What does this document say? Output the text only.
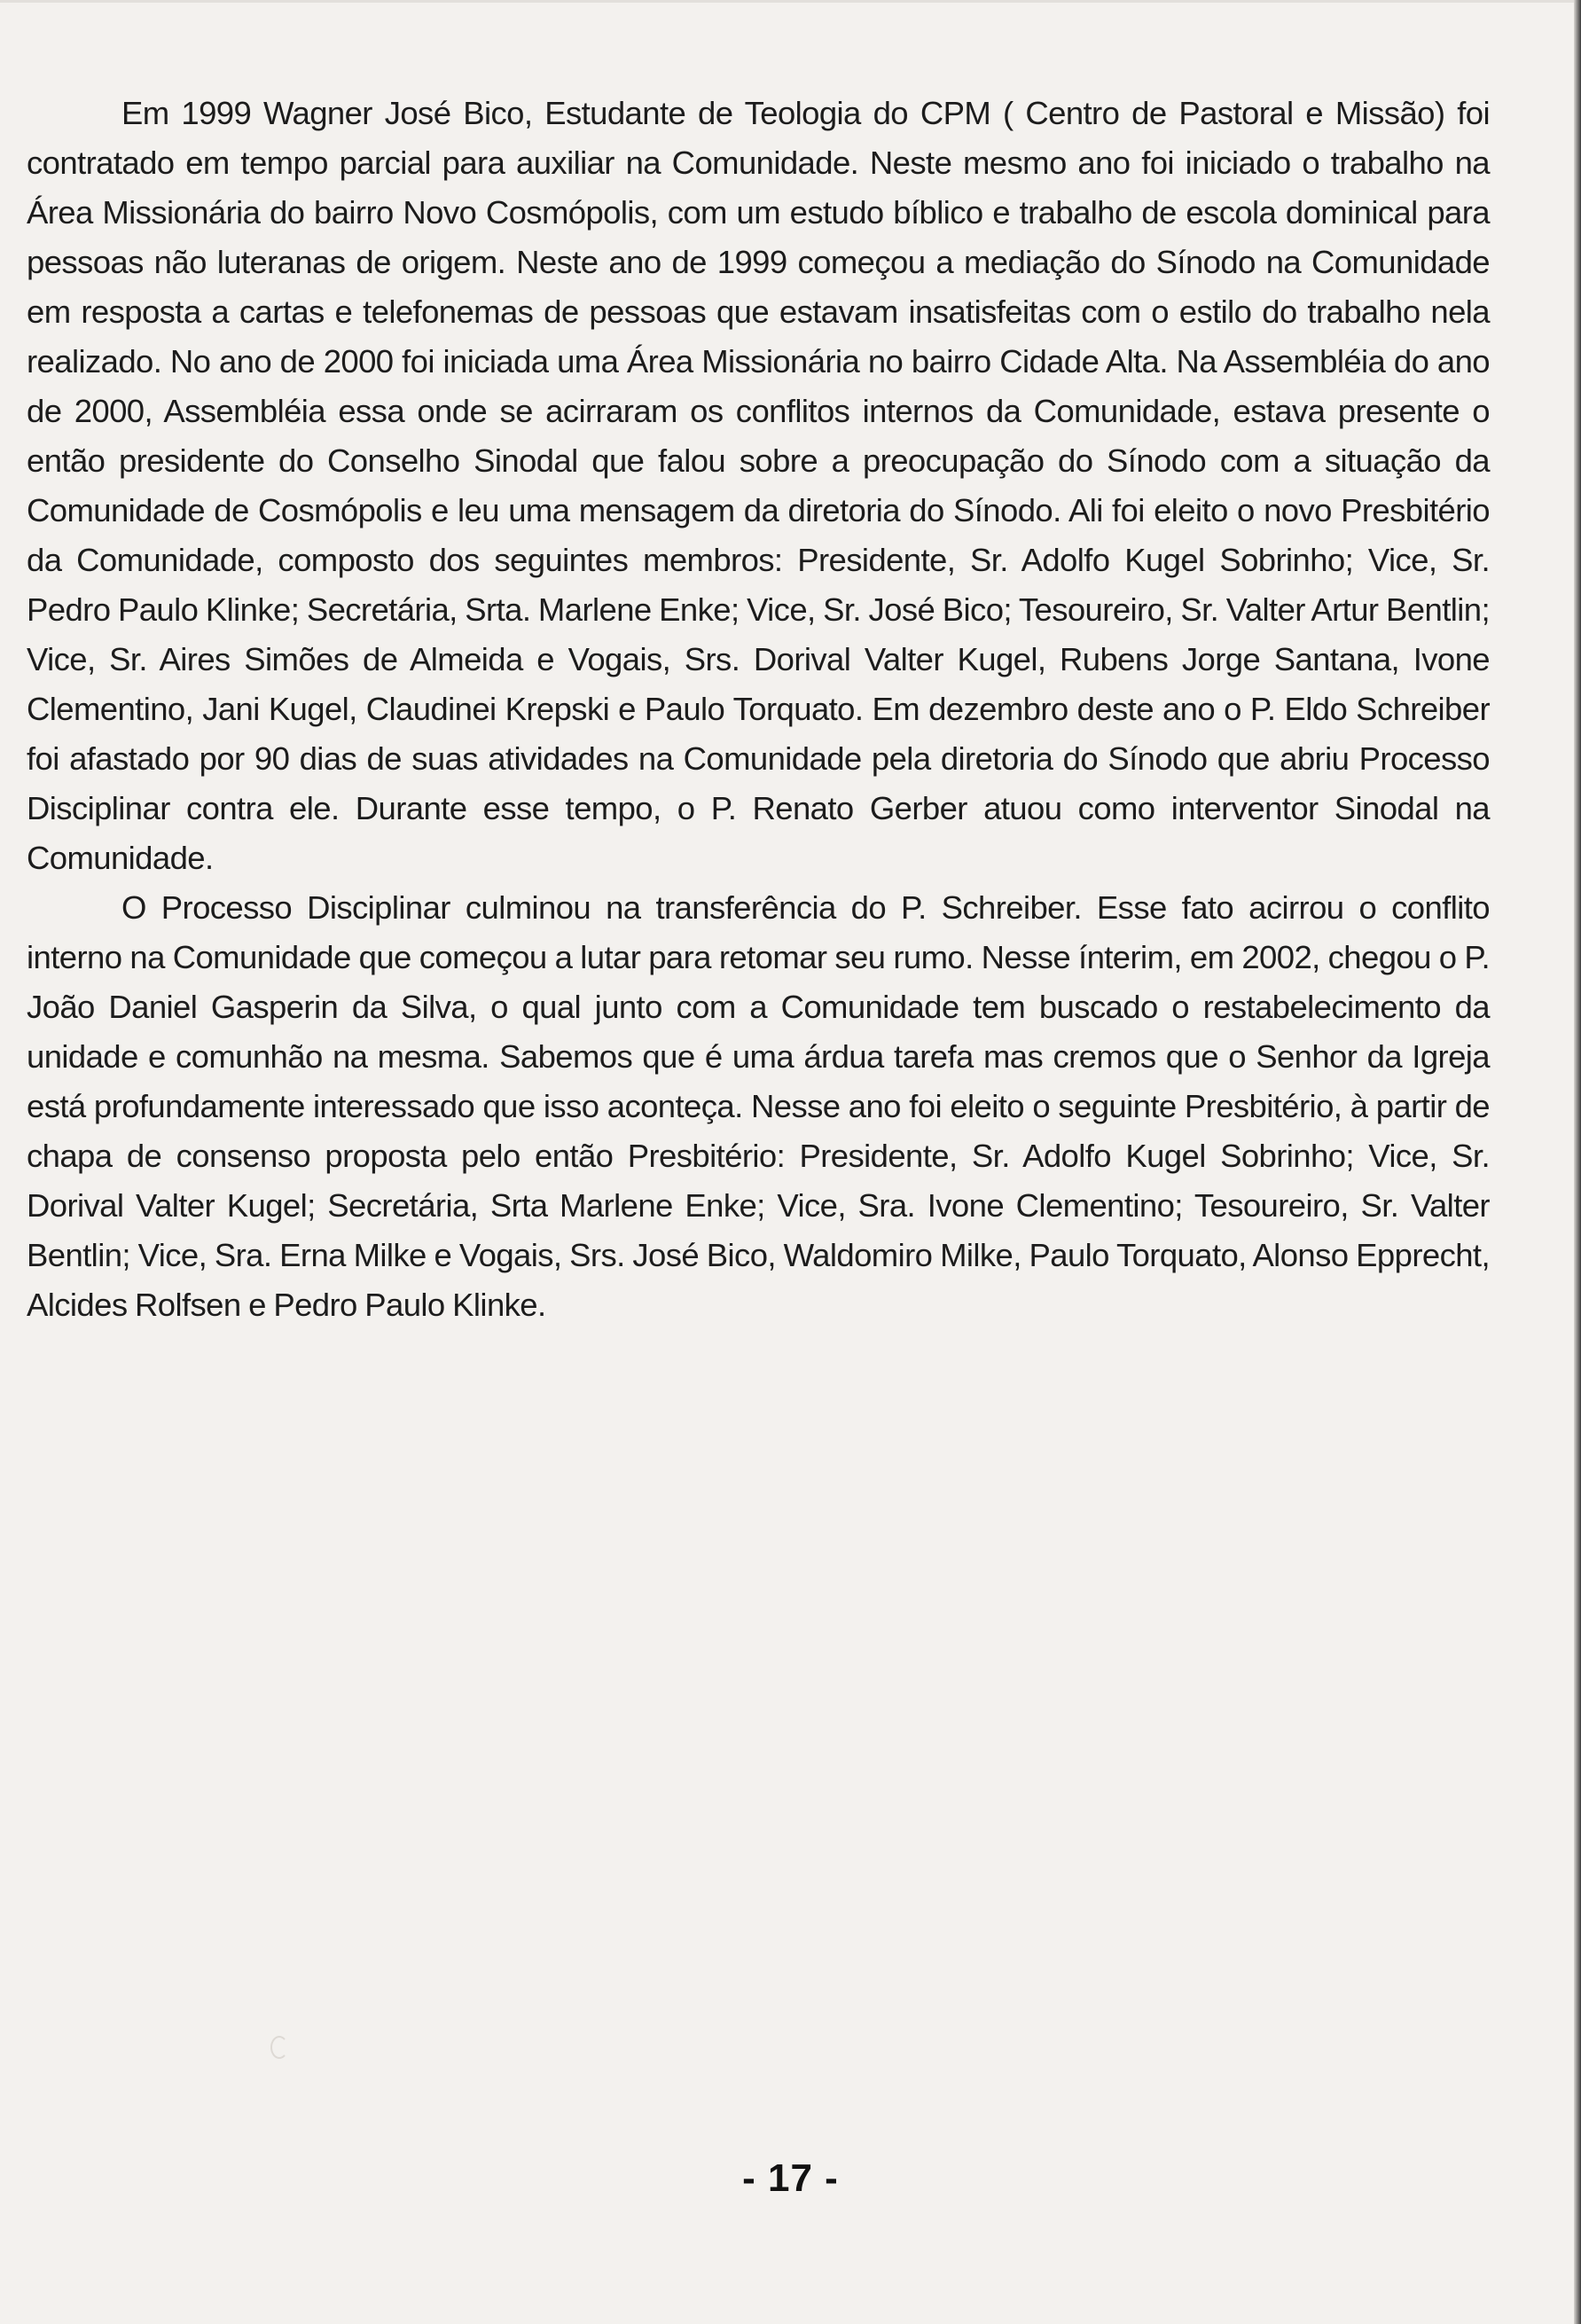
Em 1999 Wagner José Bico, Estudante de Teologia do CPM ( Centro de Pastoral e Missão) foi contratado em tempo parcial para auxiliar na Comunidade. Neste mesmo ano foi iniciado o trabalho na Área Missionária do bairro Novo Cosmópolis, com um estudo bíblico e trabalho de escola dominical para pessoas não luteranas de origem. Neste ano de 1999 começou a mediação do Sínodo na Comunidade em resposta a cartas e telefonemas de pessoas que estavam insatisfeitas com o estilo do trabalho nela realizado. No ano de 2000 foi iniciada uma Área Missionária no bairro Cidade Alta. Na Assembléia do ano de 2000, Assembléia essa onde se acirraram os conflitos internos da Comunidade, estava presente o então presidente do Conselho Sinodal que falou sobre a preocupação do Sínodo com a situação da Comunidade de Cosmópolis e leu uma mensagem da diretoria do Sínodo. Ali foi eleito o novo Presbitério da Comunidade, composto dos seguintes membros: Presidente, Sr. Adolfo Kugel Sobrinho; Vice, Sr. Pedro Paulo Klinke; Secretária, Srta. Marlene Enke; Vice, Sr. José Bico; Tesoureiro, Sr. Valter Artur Bentlin; Vice, Sr. Aires Simões de Almeida e Vogais, Srs. Dorival Valter Kugel, Rubens Jorge Santana, Ivone Clementino, Jani Kugel, Claudinei Krepski e Paulo Torquato. Em dezembro deste ano o P. Eldo Schreiber foi afastado por 90 dias de suas atividades na Comunidade pela diretoria do Sínodo que abriu Processo Disciplinar contra ele. Durante esse tempo, o P. Renato Gerber atuou como interventor Sinodal na Comunidade.

O Processo Disciplinar culminou na transferência do P. Schreiber. Esse fato acirrou o conflito interno na Comunidade que começou a lutar para retomar seu rumo. Nesse ínterim, em 2002, chegou o P. João Daniel Gasperin da Silva, o qual junto com a Comunidade tem buscado o restabelecimento da unidade e comunhão na mesma. Sabemos que é uma árdua tarefa mas cremos que o Senhor da Igreja está profundamente interessado que isso aconteça. Nesse ano foi eleito o seguinte Presbitério, à partir de chapa de consenso proposta pelo então Presbitério: Presidente, Sr. Adolfo Kugel Sobrinho; Vice, Sr. Dorival Valter Kugel; Secretária, Srta Marlene Enke; Vice, Sra. Ivone Clementino; Tesoureiro, Sr. Valter Bentlin; Vice, Sra. Erna Milke e Vogais, Srs. José Bico, Waldomiro Milke, Paulo Torquato, Alonso Epprecht, Alcides Rolfsen e Pedro Paulo Klinke.

- 17 -
